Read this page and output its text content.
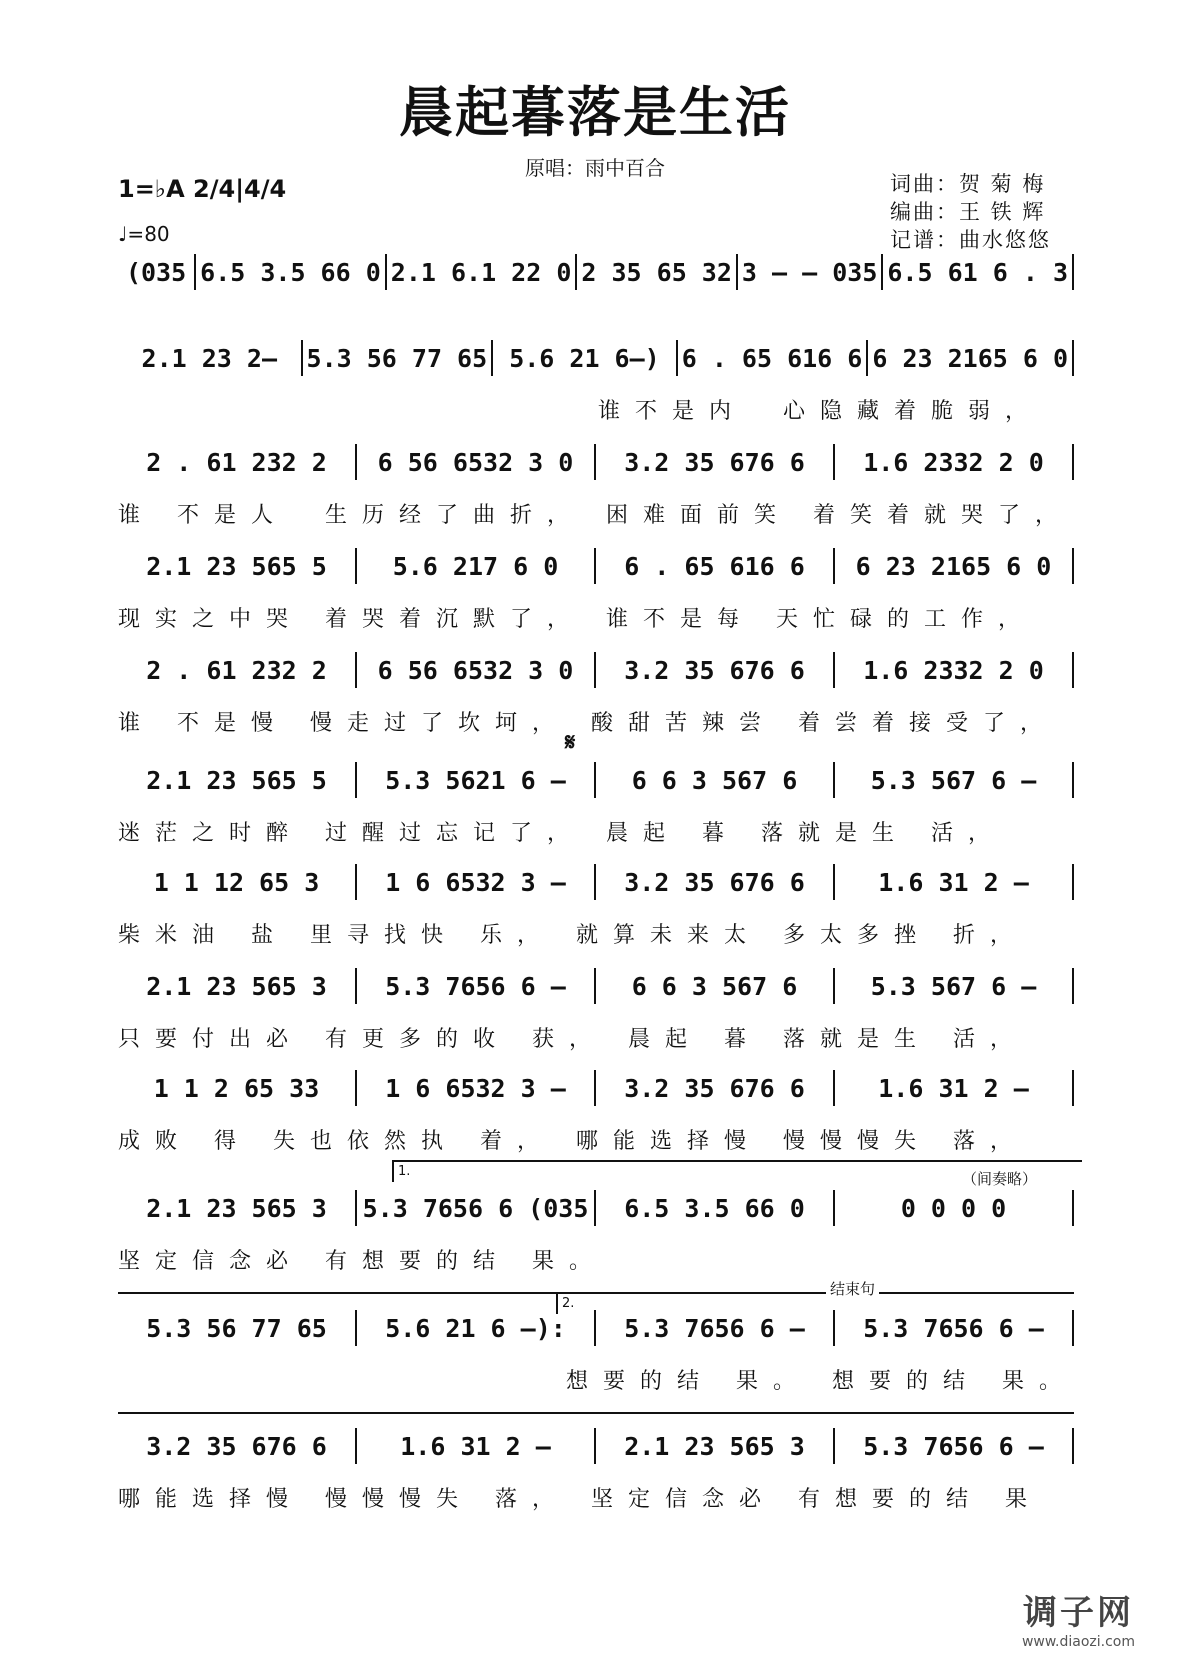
晨起暮落是生活
原唱：雨中百合
1=♭A 2/4|4/4
♩=80
词曲：贺 菊 梅
编曲：王 铁 辉
记谱：曲水悠悠
(035 6.5 3.5 66 0 2.1 6.1 22 0 2 35 65 32 3 – – 035 6.5 61 6 . 3
2.1 23 2–	5.3 56 77 65 5.6 21 6–) 6 . 65 616 6 6 23 2165 6 0
谁不是内　心隐藏着脆弱，
2 . 61 232 2	6 56 6532 3 0	3.2 35 676 6	1.6 2332 2 0
谁 不是人　生历经了曲折， 困难面前笑 着笑着就哭了，
2.1 23 565 5	5.6 217 6 0	6 . 65 616 6	6 23 2165 6 0
现实之中哭 着哭着沉默了， 谁不是每 天忙碌的工作，
2 . 61 232 2	6 56 6532 3 0	3.2 35 676 6	1.6 2332 2 0
谁 不是慢 慢走过了坎坷， 酸甜苦辣尝 着尝着接受了，
𝄋
2.1 23 565 5	5.3 5621 6 –	6 6 3 567 6	5.3 567 6 –
迷茫之时醉 过醒过忘记了， 晨起 暮 落就是生 活，
1 1 12 65 3	1 6 6532 3 –	3.2 35 676 6	1.6 31 2 –
柴米油 盐 里寻找快 乐， 就算未来太 多太多挫 折，
2.1 23 565 3	5.3 7656 6 –	6 6 3 567 6	5.3 567 6 –
只要付出必 有更多的收 获， 晨起 暮 落就是生 活，
1 1 2 65 33	1 6 6532 3 –	3.2 35 676 6	1.6 31 2 –
成败 得 失也依然执 着， 哪能选择慢 慢慢慢失 落，
1.	（间奏略）
2.1 23 565 3	5.3 7656 6 (035	6.5 3.5 66 0	0 0 0 0
坚定信念必 有想要的结 果。
2.
结束句
5.3 56 77 65	5.6 21 6 –):	5.3 7656 6 –	5.3 7656 6 –
想要的结 果。 想要的结 果。
3.2 35 676 6	1.6 31 2 –	2.1 23 565 3	5.3 7656 6 –
哪能选择慢 慢慢慢失 落， 坚定信念必 有想要的结 果
调子网
www.diaozi.com
